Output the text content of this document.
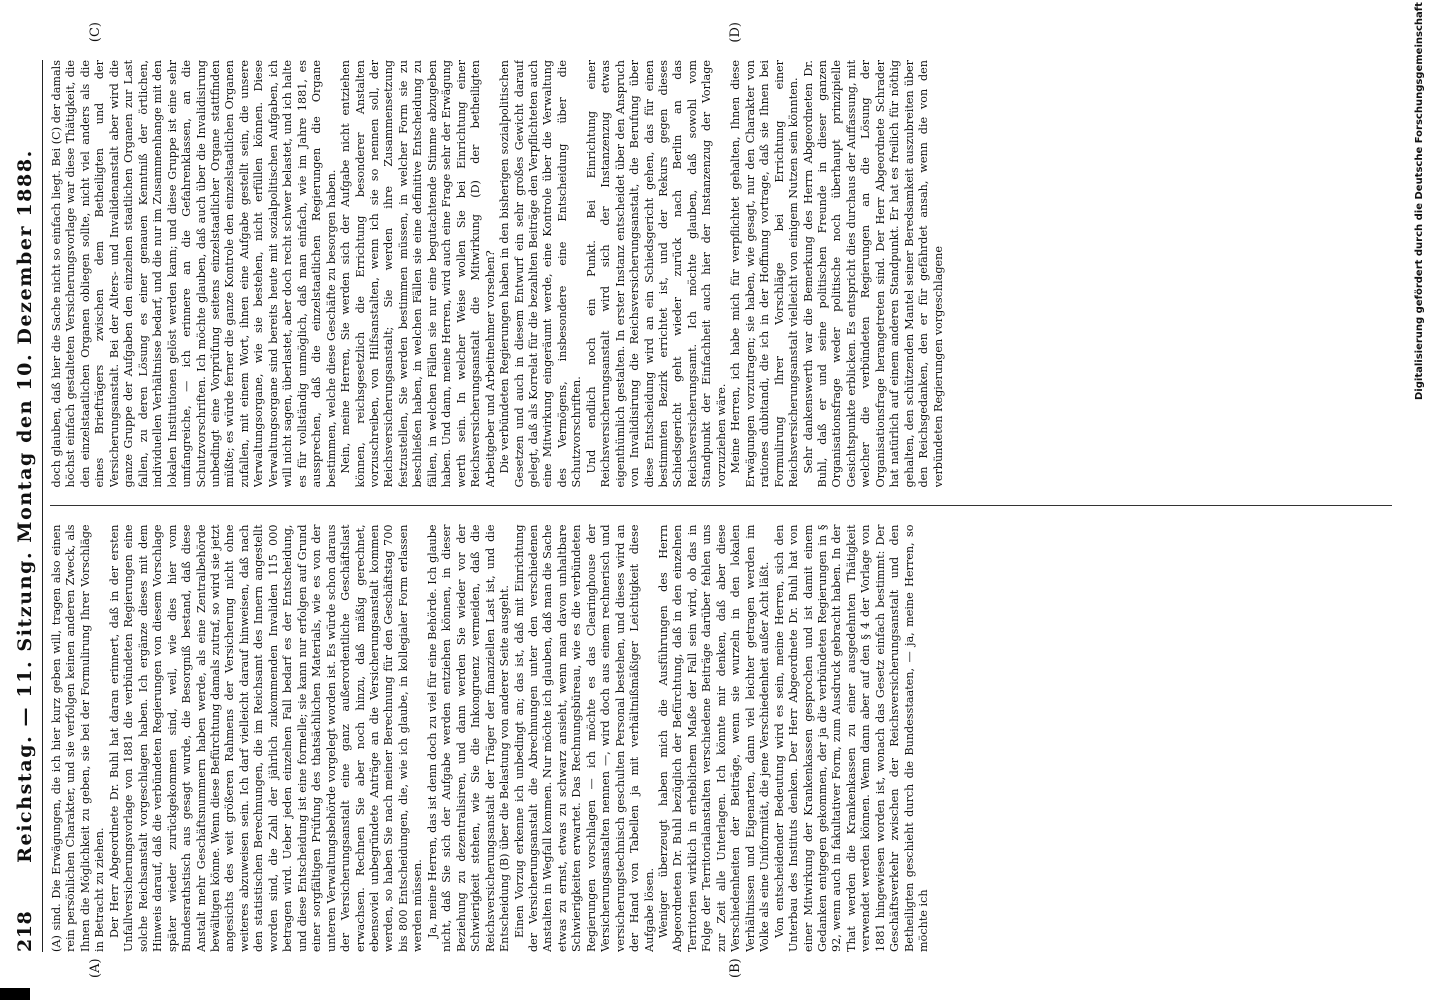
218
Reichstag. — 11. Sitzung. Montag den 10. Dezember 1888. (A) sind. Die Erwägungen, die ich hier kurz geben will, tragen also einen rein persönlichen Charakter, und sie verfolgen keinen anderen Zweck, als Ihnen die Möglichkeit zu geben, sie bei der Formulirung Ihrer Vorschläge in Betracht zu ziehen. Der Herr Abgeordnete Dr. Buhl hat daran erinnert, daß in der ersten Unfallversicherungsvorlage von 1881 die verbündeten Regierungen eine solche Reichsanstalt vorgeschlagen haben. Ich ergänze dieses mit dem Hinweis darauf, daß die verbündeten Regierungen von diesem Vorschlage später wieder zurückgekommen sind, weil, wie dies hier vom Bundesrathstisch aus gesagt wurde, die Besorgniß bestand, daß diese Anstalt mehr Geschäftsnummern haben werde, als eine Zentralbehörde bewältigen könne. Wenn diese Befürchtung damals zutraf, so wird sie jetzt angesichts des weit größeren Rahmens der Versicherung nicht ohne weiteres abzuweisen sein. Ich darf vielleicht darauf hinweisen, daß nach den statistischen Berechnungen, die im Reichsamt des Innern angestellt worden sind, die Zahl der jährlich zukommenden Invaliden 115 000 betragen wird. Ueber jeden einzelnen Fall bedarf es der Entscheidung, und diese Entscheidung ist eine formelle; sie kann nur erfolgen auf Grund einer sorgfältigen Prüfung des thatsächlichen Materials, wie es von der unteren Verwaltungsbehörde vorgelegt worden ist. Es würde schon daraus der Versicherungsanstalt eine ganz außerordentliche Geschäftslast erwachsen. Rechnen Sie aber noch hinzu, daß mäßig gerechnet, ebensoviel unbegründete Anträge an die Versicherungsanstalt kommen werden, so haben Sie nach meiner Berechnung für den Geschäftstag 700 bis 800 Entscheidungen, die, wie ich glaube, in kollegialer Form erlassen werden müssen. Ja, meine Herren, das ist denn doch zu viel für eine Behörde. Ich glaube nicht, daß Sie sich der Aufgabe werden entziehen können, in dieser Beziehung zu dezentralisiren, und dann werden Sie wieder vor der Schwierigkeit stehen, wie Sie die Inkongruenz vermeiden, daß die Reichsversicherungsanstalt der Träger der finanziellen Last ist, und die Entscheidung (B) über die Belastung von anderer Seite ausgeht. Einen Vorzug erkenne ich unbedingt an; das ist, daß mit Einrichtung der Versicherungsanstalt die Abrechnungen unter den verschiedenen Anstalten in Wegfall kommen. Nur möchte ich glauben, daß man die Sache etwas zu ernst, etwas zu schwarz ansieht, wenn man davon unhaltbare Schwierigkeiten erwartet. Das Rechnungsbüreau, wie es die verbündeten Regierungen vorschlagen — ich möchte es das Clearinghouse der Versicherungsanstalten nennen —, wird doch aus einem rechnerisch und versicherungstechnisch geschulten Personal bestehen, und dieses wird an der Hand von Tabellen ja mit verhältnißmäßiger Leichtigkeit diese Aufgabe lösen. Weniger überzeugt haben mich die Ausführungen des Herrn Abgeordneten Dr. Buhl bezüglich der Befürchtung, daß in den einzelnen Territorien wirklich in erheblichem Maße der Fall sein wird, ob das in Folge der Territorialanstalten verschiedene Beiträge darüber fehlen uns zur Zeit alle Unterlagen. Ich könnte mir denken, daß aber diese Verschiedenheiten der Beiträge, wenn sie wurzeln in den lokalen Verhältnissen und Eigenarten, dann viel leichter getragen werden im Volke als eine Uniformität, die jene Verschiedenheit außer Acht läßt. Von entscheidender Bedeutung wird es sein, meine Herren, sich den Unterbau des Instituts denken. Der Herr Abgeordnete Dr. Buhl hat von einer Mitwirkung der Krankenkassen gesprochen und ist damit einem Gedanken entgegen gekommen, der ja die verbündeten Regierungen in § 92, wenn auch in fakultativer Form, zum Ausdruck gebracht haben. In der That werden die Krankenkassen zu einer ausgedehnten Thätigkeit verwendet werden können. Wenn dann aber auf den § 4 der Vorlage von 1881 hingewiesen worden ist, wonach das Gesetz einfach bestimmt: Der Geschäftsverkehr zwischen der Reichsversicherungsanstalt und den Betheiligten geschieht durch die Bundesstaaten, — ja, meine Herren, so möchte ich

doch glauben, daß hier die Sache nicht so einfach liegt. Bei (C) der damals höchst einfach gestalteten Versicherungsvorlage war diese Thätigkeit, die den einzelstaatlichen Organen obliegen sollte, nicht viel anders als die eines Briefträgers zwischen dem Betheiligten und der Versicherungsanstalt. Bei der Alters- und Invalidenanstalt aber wird die ganze Gruppe der Aufgaben den einzelnen staatlichen Organen zur Last fallen, zu deren Lösung es einer genauen Kenntniß der örtlichen, individuellen Verhältnisse bedarf, und die nur im Zusammenhange mit den lokalen Institutionen gelöst werden kann; und diese Gruppe ist eine sehr umfangreiche, — ich erinnere an die Gefahrenklassen, an die Schutzvorschriften. Ich möchte glauben, daß auch über die Invalidisirung unbedingt eine Vorprüfung seitens einzelstaatlicher Organe stattfinden müßte; es würde ferner die ganze Kontrole den einzelstaatlichen Organen zufallen, mit einem Wort, ihnen eine Aufgabe gestellt sein, die unsere Verwaltungsorgane, wie sie bestehen, nicht erfüllen können. Diese Verwaltungsorgane sind bereits heute mit sozialpolitischen Aufgaben, ich will nicht sagen, überlastet, aber doch recht schwer belastet, und ich halte es für vollständig unmöglich, daß man einfach, wie im Jahre 1881, es aussprechen, daß die einzelstaatlichen Regierungen die Organe bestimmen, welche diese Geschäfte zu besorgen haben. Nein, meine Herren, Sie werden sich der Aufgabe nicht entziehen können, reichsgesetzlich die Errichtung besonderer Anstalten vorzuschreiben, von Hilfsanstalten, wenn ich sie so nennen soll, der Reichsversicherungsanstalt; Sie werden ihre Zusammensetzung festzustellen, Sie werden bestimmen müssen, in welcher Form sie zu beschließen haben, in welchen Fällen sie eine definitive Entscheidung zu fällen, in welchen Fällen sie nur eine begutachtende Stimme abzugeben haben. Und dann, meine Herren, wird auch eine Frage sehr der Erwägung werth sein. In welcher Weise wollen Sie bei Einrichtung einer Reichsversicherungsanstalt die Mitwirkung (D) der betheiligten Arbeitgeber und Arbeitnehmer vorsehen? Die verbündeten Regierungen haben in den bisherigen sozialpolitischen Gesetzen und auch in diesem Entwurf ein sehr großes Gewicht darauf gelegt, daß als Korrelat für die bezahlten Beiträge den Verpflichteten auch eine Mitwirkung eingeräumt werde, eine Kontrole über die Verwaltung des Vermögens, insbesondere eine Entscheidung über die Schutzvorschriften. Und endlich noch ein Punkt. Bei Einrichtung einer Reichsversicherungsanstalt wird sich der Instanzenzug etwas eigenthümlich gestalten. In erster Instanz entscheidet über den Anspruch von Invalidisirung die Reichsversicherungsanstalt, die Berufung über diese Entscheidung wird an ein Schiedsgericht gehen, das für einen bestimmten Bezirk errichtet ist, und der Rekurs gegen dieses Schiedsgericht geht wieder zurück nach Berlin an das Reichsversicherungsamt. Ich möchte glauben, daß sowohl vom Standpunkt der Einfachheit auch hier der Instanzenzug der Vorlage vorzuziehen wäre. Meine Herren, ich habe mich für verpflichtet gehalten, Ihnen diese Erwägungen vorzutragen; sie haben, wie gesagt, nur den Charakter von rationes dubitandi, die ich in der Hoffnung vortrage, daß sie Ihnen bei Formulirung Ihrer Vorschläge bei Errichtung einer Reichsversicherungsanstalt vielleicht von einigem Nutzen sein könnten. Sehr dankenswerth war die Bemerkung des Herrn Abgeordneten Dr. Buhl, daß er und seine politischen Freunde in dieser ganzen Organisationsfrage weder politische noch überhaupt prinzipielle Gesichtspunkte erblicken. Es entspricht dies durchaus der Auffassung, mit welcher die verbündeten Regierungen an die Lösung der Organisationsfrage herangetreten sind. Der Herr Abgeordnete Schrader hat natürlich auf einem anderen Standpunkt. Er hat es freilich für nöthig gehalten, den schützenden Mantel seiner Beredsamkeit auszubreiten über den Reichsgedanken, den er für gefährdet ansah, wenn die von den verbündeten Regierungen vorgeschlagene

(A)	(B)
(C)	(D)	Digitalisierung gefördert durch die Deutsche Forschungsgemeinschaft
